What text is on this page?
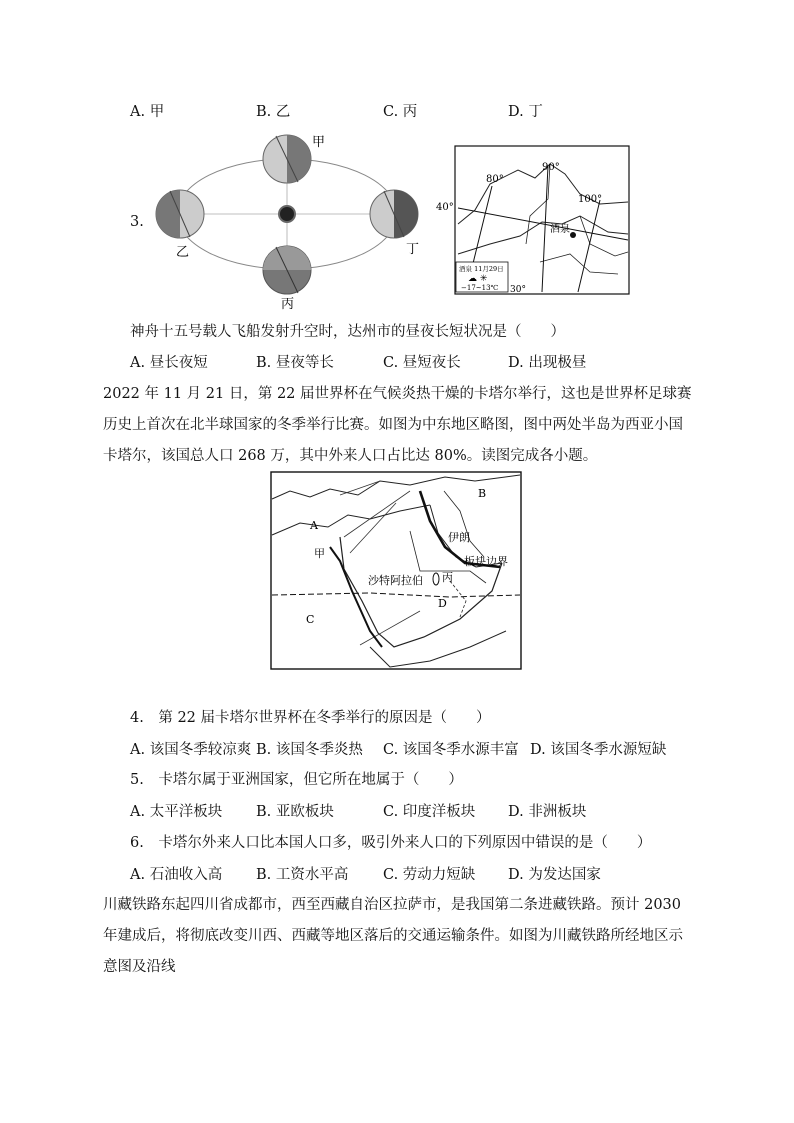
A. 甲	B. 乙	C. 丙	D. 丁
3.
甲
乙	丁
丙
40°
80°
90°
100°
酒泉
酒泉 11月29日
☁ ✳
−17~13℃ 30°
神舟十五号载人飞船发射升空时，达州市的昼夜长短状况是（　　）
A. 昼长夜短	B. 昼夜等长	C. 昼短夜长	D. 出现极昼
2022 年 11 月 21 日，第 22 届世界杯在气候炎热干燥的卡塔尔举行，这也是世界杯足球赛历史上首次在北半球国家的冬季举行比赛。如图为中东地区略图，图中两处半岛为西亚小国卡塔尔，该国总人口 268 万，其中外来人口占比达 80%。读图完成各小题。
A
B
C
D
甲
伊朗
板块边界
沙特阿拉伯 丙
4.　第 22 届卡塔尔世界杯在冬季举行的原因是（　　）
A. 该国冬季较凉爽 B. 该国冬季炎热 C. 该国冬季水源丰富 D. 该国冬季水源短缺
5.　卡塔尔属于亚洲国家，但它所在地属于（　　）
A. 太平洋板块 B. 亚欧板块	C. 印度洋板块 D. 非洲板块
6.　卡塔尔外来人口比本国人口多，吸引外来人口的下列原因中错误的是（　　）
A. 石油收入高 B. 工资水平高 C. 劳动力短缺 D. 为发达国家
川藏铁路东起四川省成都市，西至西藏自治区拉萨市，是我国第二条进藏铁路。预计 2030 年建成后，将彻底改变川西、西藏等地区落后的交通运输条件。如图为川藏铁路所经地区示意图及沿线
